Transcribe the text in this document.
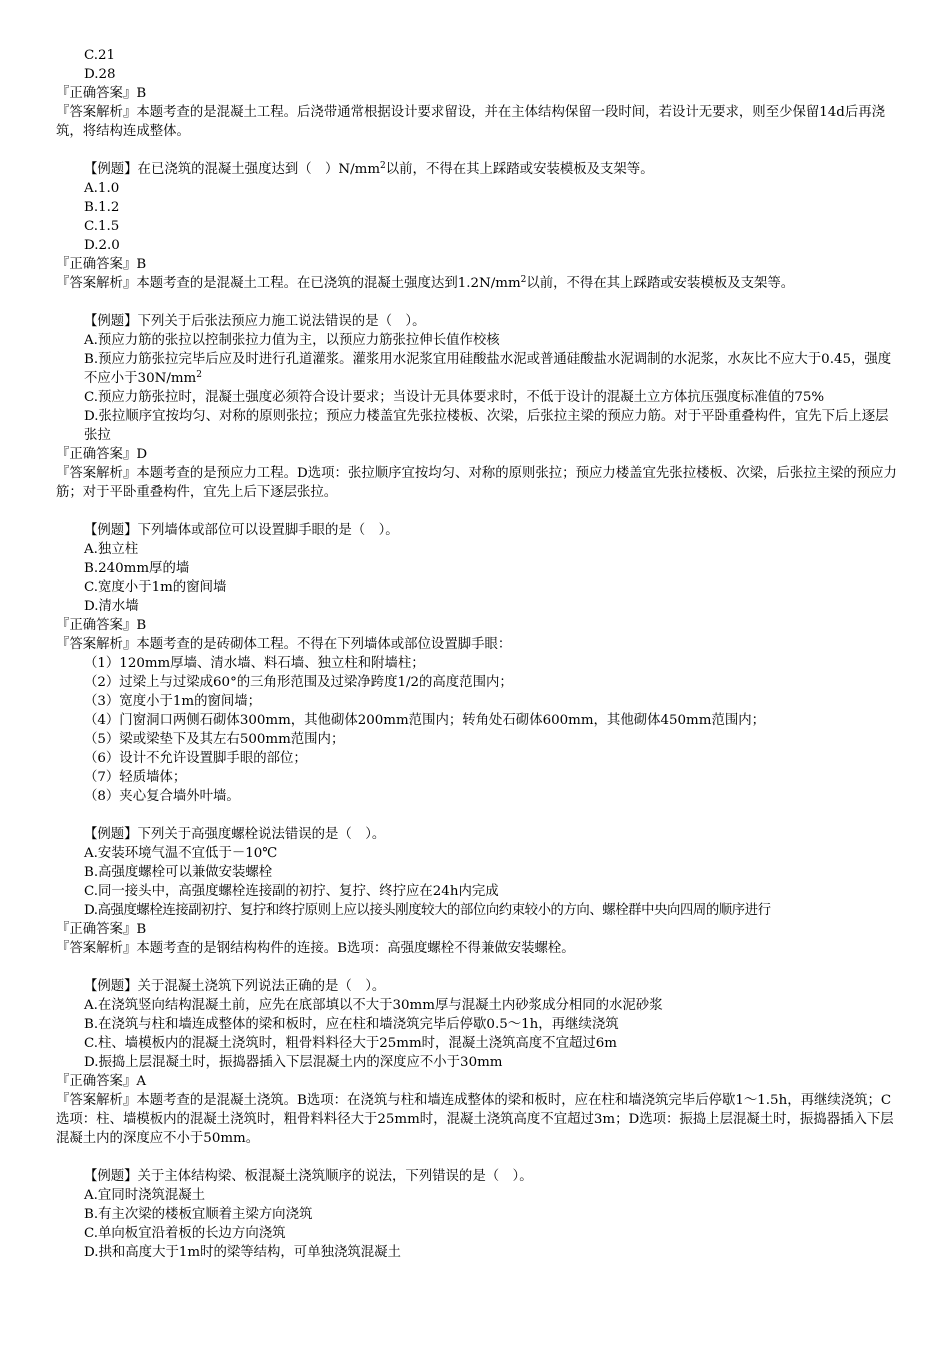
C.21
D.28
『正确答案』B
『答案解析』本题考查的是混凝土工程。后浇带通常根据设计要求留设，并在主体结构保留一段时间，若设计无要求，则至少保留14d后再浇筑，将结构连成整体。
【例题】在已浇筑的混凝土强度达到（　）$N/mm^2$以前，不得在其上踩踏或安装模板及支架等。
A.1.0
B.1.2
C.1.5
D.2.0
『正确答案』B
『答案解析』本题考查的是混凝土工程。在已浇筑的混凝土强度达到$1.2N/mm^2$以前，不得在其上踩踏或安装模板及支架等。
【例题】下列关于后张法预应力施工说法错误的是（　）。
A.预应力筋的张拉以控制张拉力值为主，以预应力筋张拉伸长值作校核
B.预应力筋张拉完毕后应及时进行孔道灌浆。灌浆用水泥浆宜用硅酸盐水泥或普通硅酸盐水泥调制的水泥浆，水灰比不应大于0.45，强度不应小于$30N/mm^2$
C.预应力筋张拉时，混凝土强度必须符合设计要求；当设计无具体要求时，不低于设计的混凝土立方体抗压强度标准值的75%
D.张拉顺序宜按均匀、对称的原则张拉；预应力楼盖宜先张拉楼板、次梁，后张拉主梁的预应力筋。对于平卧重叠构件，宜先下后上逐层张拉
『正确答案』D
『答案解析』本题考查的是预应力工程。D选项：张拉顺序宜按均匀、对称的原则张拉；预应力楼盖宜先张拉楼板、次梁，后张拉主梁的预应力筋；对于平卧重叠构件，宜先上后下逐层张拉。
【例题】下列墙体或部位可以设置脚手眼的是（　）。
A.独立柱
B.240mm厚的墙
C.宽度小于1m的窗间墙
D.清水墙
『正确答案』B
『答案解析』本题考查的是砖砌体工程。不得在下列墙体或部位设置脚手眼：
（1）120mm厚墙、清水墙、料石墙、独立柱和附墙柱；
（2）过梁上与过梁成60°的三角形范围及过梁净跨度1/2的高度范围内；
（3）宽度小于1m的窗间墙；
（4）门窗洞口两侧石砌体300mm，其他砌体200mm范围内；转角处石砌体600mm，其他砌体450mm范围内；
（5）梁或梁垫下及其左右500mm范围内；
（6）设计不允许设置脚手眼的部位；
（7）轻质墙体；
（8）夹心复合墙外叶墙。
【例题】下列关于高强度螺栓说法错误的是（　）。
A.安装环境气温不宜低于－10℃
B.高强度螺栓可以兼做安装螺栓
C.同一接头中，高强度螺栓连接副的初拧、复拧、终拧应在24h内完成
D.高强度螺栓连接副初拧、复拧和终拧原则上应以接头刚度较大的部位向约束较小的方向、螺栓群中央向四周的顺序进行
『正确答案』B
『答案解析』本题考查的是钢结构构件的连接。B选项：高强度螺栓不得兼做安装螺栓。
【例题】关于混凝土浇筑下列说法正确的是（　）。
A.在浇筑竖向结构混凝土前，应先在底部填以不大于30mm厚与混凝土内砂浆成分相同的水泥砂浆
B.在浇筑与柱和墙连成整体的梁和板时，应在柱和墙浇筑完毕后停歇0.5～1h，再继续浇筑
C.柱、墙模板内的混凝土浇筑时，粗骨料料径大于25mm时，混凝土浇筑高度不宜超过6m
D.振捣上层混凝土时，振捣器插入下层混凝土内的深度应不小于30mm
『正确答案』A
『答案解析』本题考查的是混凝土浇筑。B选项：在浇筑与柱和墙连成整体的梁和板时，应在柱和墙浇筑完毕后停歇1～1.5h，再继续浇筑；C选项：柱、墙模板内的混凝土浇筑时，粗骨料料径大于25mm时，混凝土浇筑高度不宜超过3m；D选项：振捣上层混凝土时，振捣器插入下层混凝土内的深度应不小于50mm。
【例题】关于主体结构梁、板混凝土浇筑顺序的说法，下列错误的是（　）。
A.宜同时浇筑混凝土
B.有主次梁的楼板宜顺着主梁方向浇筑
C.单向板宜沿着板的长边方向浇筑
D.拱和高度大于1m时的梁等结构，可单独浇筑混凝土
